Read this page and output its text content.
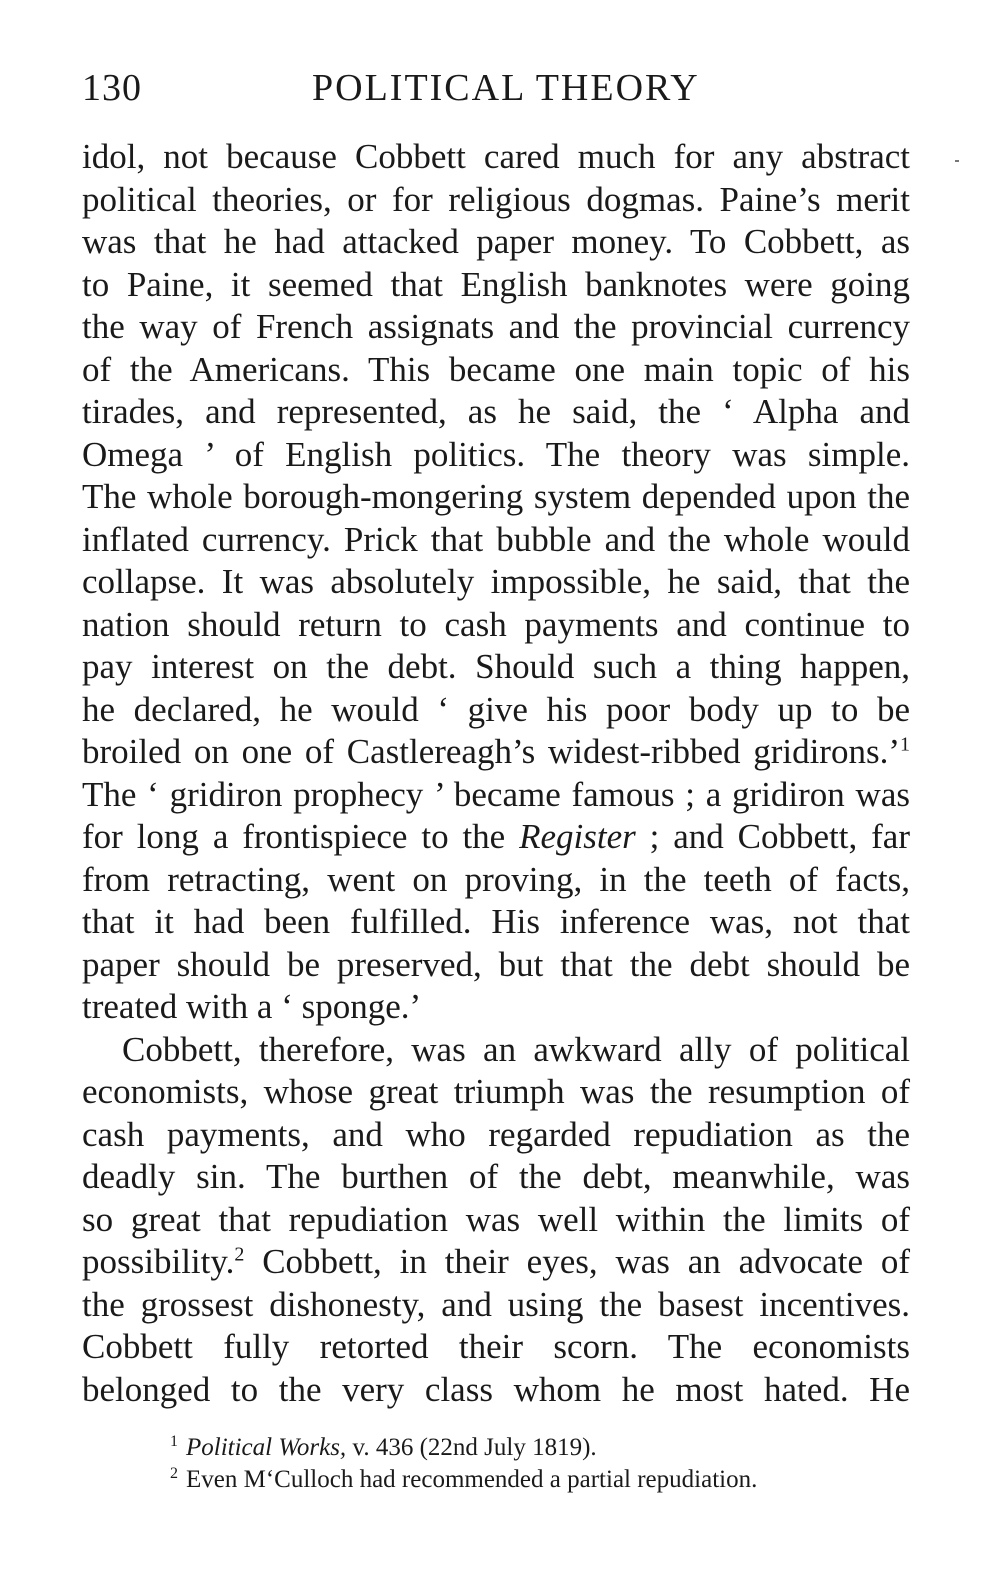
130	POLITICAL THEORY
idol, not because Cobbett cared much for any abstract
political theories, or for religious dogmas. Paine’s merit
was that he had attacked paper money. To Cobbett, as
to Paine, it seemed that English banknotes were going
the way of French assignats and the provincial currency
of the Americans. This became one main topic of his
tirades, and represented, as he said, the ‘ Alpha and
Omega ’ of English politics. The theory was simple.
The whole borough-mongering system depended upon the
inflated currency. Prick that bubble and the whole would
collapse. It was absolutely impossible, he said, that the
nation should return to cash payments and continue to
pay interest on the debt. Should such a thing happen,
he declared, he would ‘ give his poor body up to be
broiled on one of Castlereagh’s widest-ribbed gridirons.’$^1$
The ‘ gridiron prophecy ’ became famous ; a gridiron was
for long a frontispiece to the Register ; and Cobbett, far
from retracting, went on proving, in the teeth of facts,
that it had been fulfilled. His inference was, not that
paper should be preserved, but that the debt should be
treated with a ‘ sponge.’
Cobbett, therefore, was an awkward ally of political
economists, whose great triumph was the resumption of
cash payments, and who regarded repudiation as the
deadly sin. The burthen of the debt, meanwhile, was
so great that repudiation was well within the limits of
possibility.$^2$ Cobbett, in their eyes, was an advocate of
the grossest dishonesty, and using the basest incentives.
Cobbett fully retorted their scorn. The economists
belonged to the very class whom he most hated. He
$^1$ Political Works, v. 436 (22nd July 1819).
$^2$ Even M‘Culloch had recommended a partial repudiation.
